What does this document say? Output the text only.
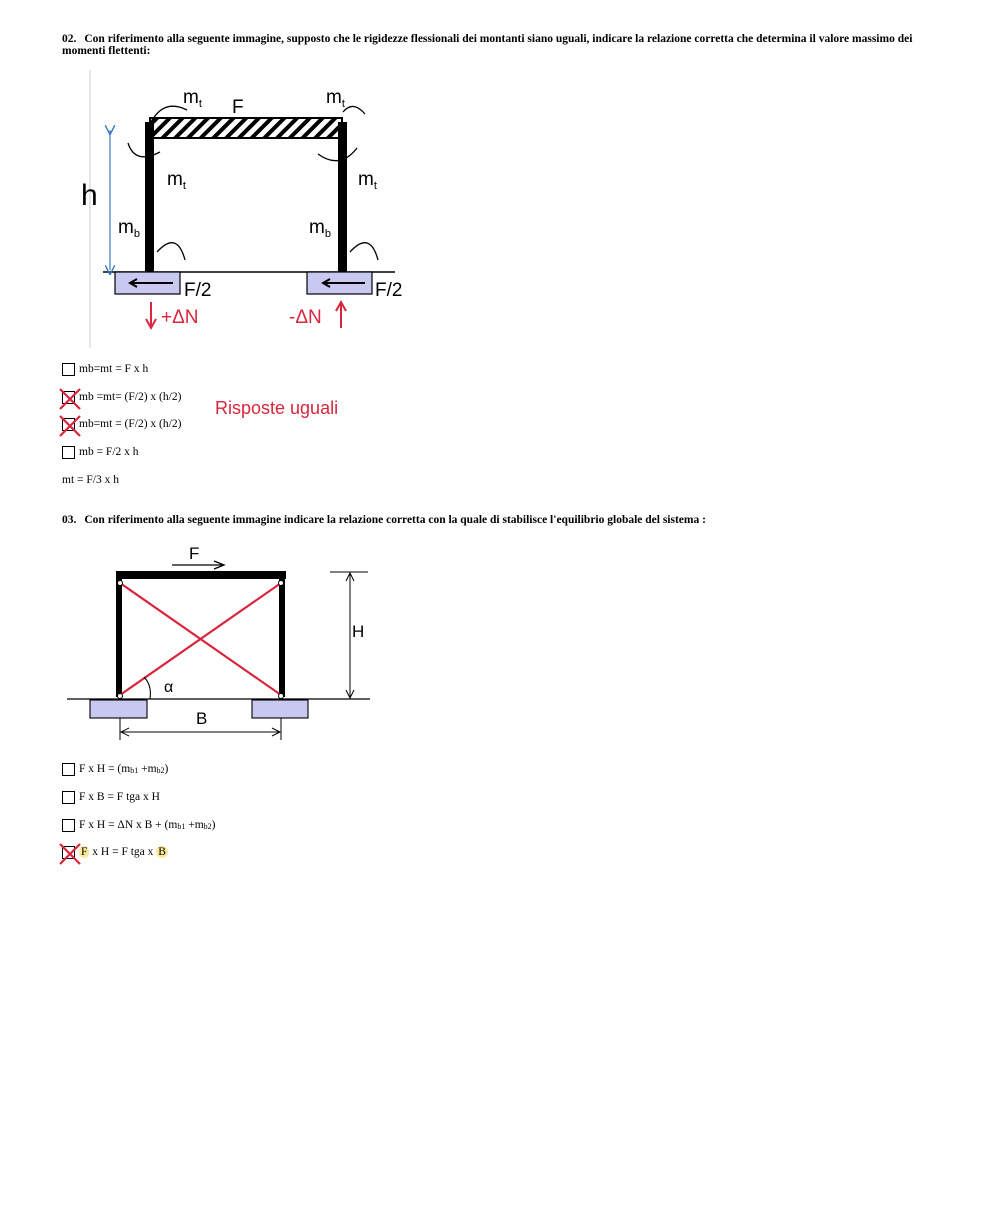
02. Con riferimento alla seguente immagine, supposto che le rigidezze flessionali dei montanti siano uguali, indicare la relazione corretta che determina il valore massimo dei momenti flettenti:
h
F
$m_t$	$m_t$
$m_t$	$m_t$
$m_b$	$m_b$
F/2	F/2
+ΔN	-ΔN
mb=mt = F x h
mb =mt= (F/2) x (h/2)
mb=mt = (F/2) x (h/2)
mb = F/2 x h
mt = F/3 x h
Risposte uguali
03. Con riferimento alla seguente immagine indicare la relazione corretta con la quale di stabilisce l'equilibrio globale del sistema :
F
α
H
B
F x $H = (m_{b1} +m_{b2})$
F x B = F tga x H
F x H = ΔN x $B + (m_{b1} +m_{b2})$
F x H = F tga x B
